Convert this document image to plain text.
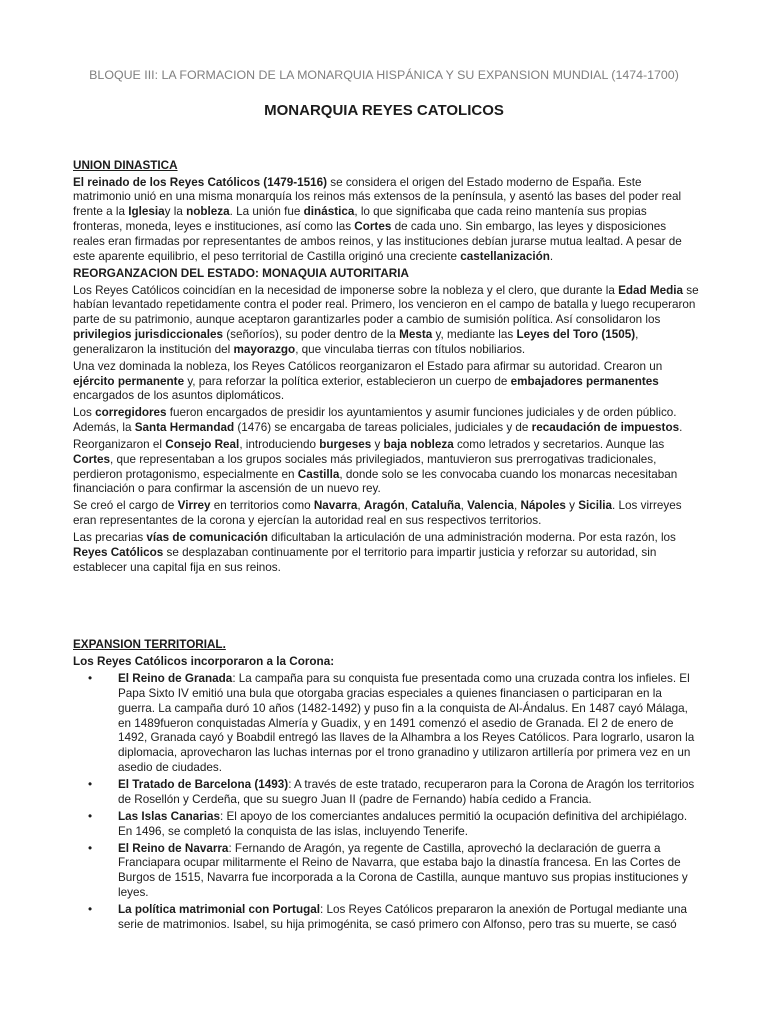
BLOQUE III: LA FORMACION DE LA MONARQUIA HISPÁNICA Y SU EXPANSION MUNDIAL (1474-1700)
MONARQUIA REYES CATOLICOS
UNION DINASTICA

El reinado de los Reyes Católicos (1479-1516) se considera el origen del Estado moderno de España. Este matrimonio unió en una misma monarquía los reinos más extensos de la península, y asentó las bases del poder real frente a la Iglesiay la nobleza. La unión fue dinástica, lo que significaba que cada reino mantenía sus propias fronteras, moneda, leyes e instituciones, así como las Cortes de cada uno. Sin embargo, las leyes y disposiciones reales eran firmadas por representantes de ambos reinos, y las instituciones debían jurarse mutua lealtad. A pesar de este aparente equilibrio, el peso territorial de Castilla originó una creciente castellanización.

REORGANZACION DEL ESTADO: MONAQUIA AUTORITARIA

Los Reyes Católicos coincidían en la necesidad de imponerse sobre la nobleza y el clero, que durante la Edad Media se habían levantado repetidamente contra el poder real. Primero, los vencieron en el campo de batalla y luego recuperaron parte de su patrimonio, aunque aceptaron garantizarles poder a cambio de sumisión política. Así consolidaron los privilegios jurisdiccionales (señoríos), su poder dentro de la Mesta y, mediante las Leyes del Toro (1505), generalizaron la institución del mayorazgo, que vinculaba tierras con títulos nobiliarios.

Una vez dominada la nobleza, los Reyes Católicos reorganizaron el Estado para afirmar su autoridad. Crearon un ejército permanente y, para reforzar la política exterior, establecieron un cuerpo de embajadores permanentes encargados de los asuntos diplomáticos.

Los corregidores fueron encargados de presidir los ayuntamientos y asumir funciones judiciales y de orden público. Además, la Santa Hermandad (1476) se encargaba de tareas policiales, judiciales y de recaudación de impuestos.

Reorganizaron el Consejo Real, introduciendo burgeses y baja nobleza como letrados y secretarios. Aunque las Cortes, que representaban a los grupos sociales más privilegiados, mantuvieron sus prerrogativas tradicionales, perdieron protagonismo, especialmente en Castilla, donde solo se les convocaba cuando los monarcas necesitaban financiación o para confirmar la ascensión de un nuevo rey.

Se creó el cargo de Virrey en territorios como Navarra, Aragón, Cataluña, Valencia, Nápoles y Sicilia. Los virreyes eran representantes de la corona y ejercían la autoridad real en sus respectivos territorios.

Las precarias vías de comunicación dificultaban la articulación de una administración moderna. Por esta razón, los Reyes Católicos se desplazaban continuamente por el territorio para impartir justicia y reforzar su autoridad, sin establecer una capital fija en sus reinos.

EXPANSION TERRITORIAL.

Los Reyes Católicos incorporaron a la Corona:

• El Reino de Granada: La campaña para su conquista fue presentada como una cruzada contra los infieles. El Papa Sixto IV emitió una bula que otorgaba gracias especiales a quienes financiasen o participaran en la guerra. La campaña duró 10 años (1482-1492) y puso fin a la conquista de Al-Ándalus. En 1487 cayó Málaga, en 1489fueron conquistadas Almería y Guadix, y en 1491 comenzó el asedio de Granada. El 2 de enero de 1492, Granada cayó y Boabdil entregó las llaves de la Alhambra a los Reyes Católicos. Para lograrlo, usaron la diplomacia, aprovecharon las luchas internas por el trono granadino y utilizaron artillería por primera vez en un asedio de ciudades.
• El Tratado de Barcelona (1493): A través de este tratado, recuperaron para la Corona de Aragón los territorios de Rosellón y Cerdeña, que su suegro Juan II (padre de Fernando) había cedido a Francia.
• Las Islas Canarias: El apoyo de los comerciantes andaluces permitió la ocupación definitiva del archipiélago. En 1496, se completó la conquista de las islas, incluyendo Tenerife.
• El Reino de Navarra: Fernando de Aragón, ya regente de Castilla, aprovechó la declaración de guerra a Franciapara ocupar militarmente el Reino de Navarra, que estaba bajo la dinastía francesa. En las Cortes de Burgos de 1515, Navarra fue incorporada a la Corona de Castilla, aunque mantuvo sus propias instituciones y leyes.
• La política matrimonial con Portugal: Los Reyes Católicos prepararon la anexión de Portugal mediante una serie de matrimonios. Isabel, su hija primogénita, se casó primero con Alfonso, pero tras su muerte, se casó
